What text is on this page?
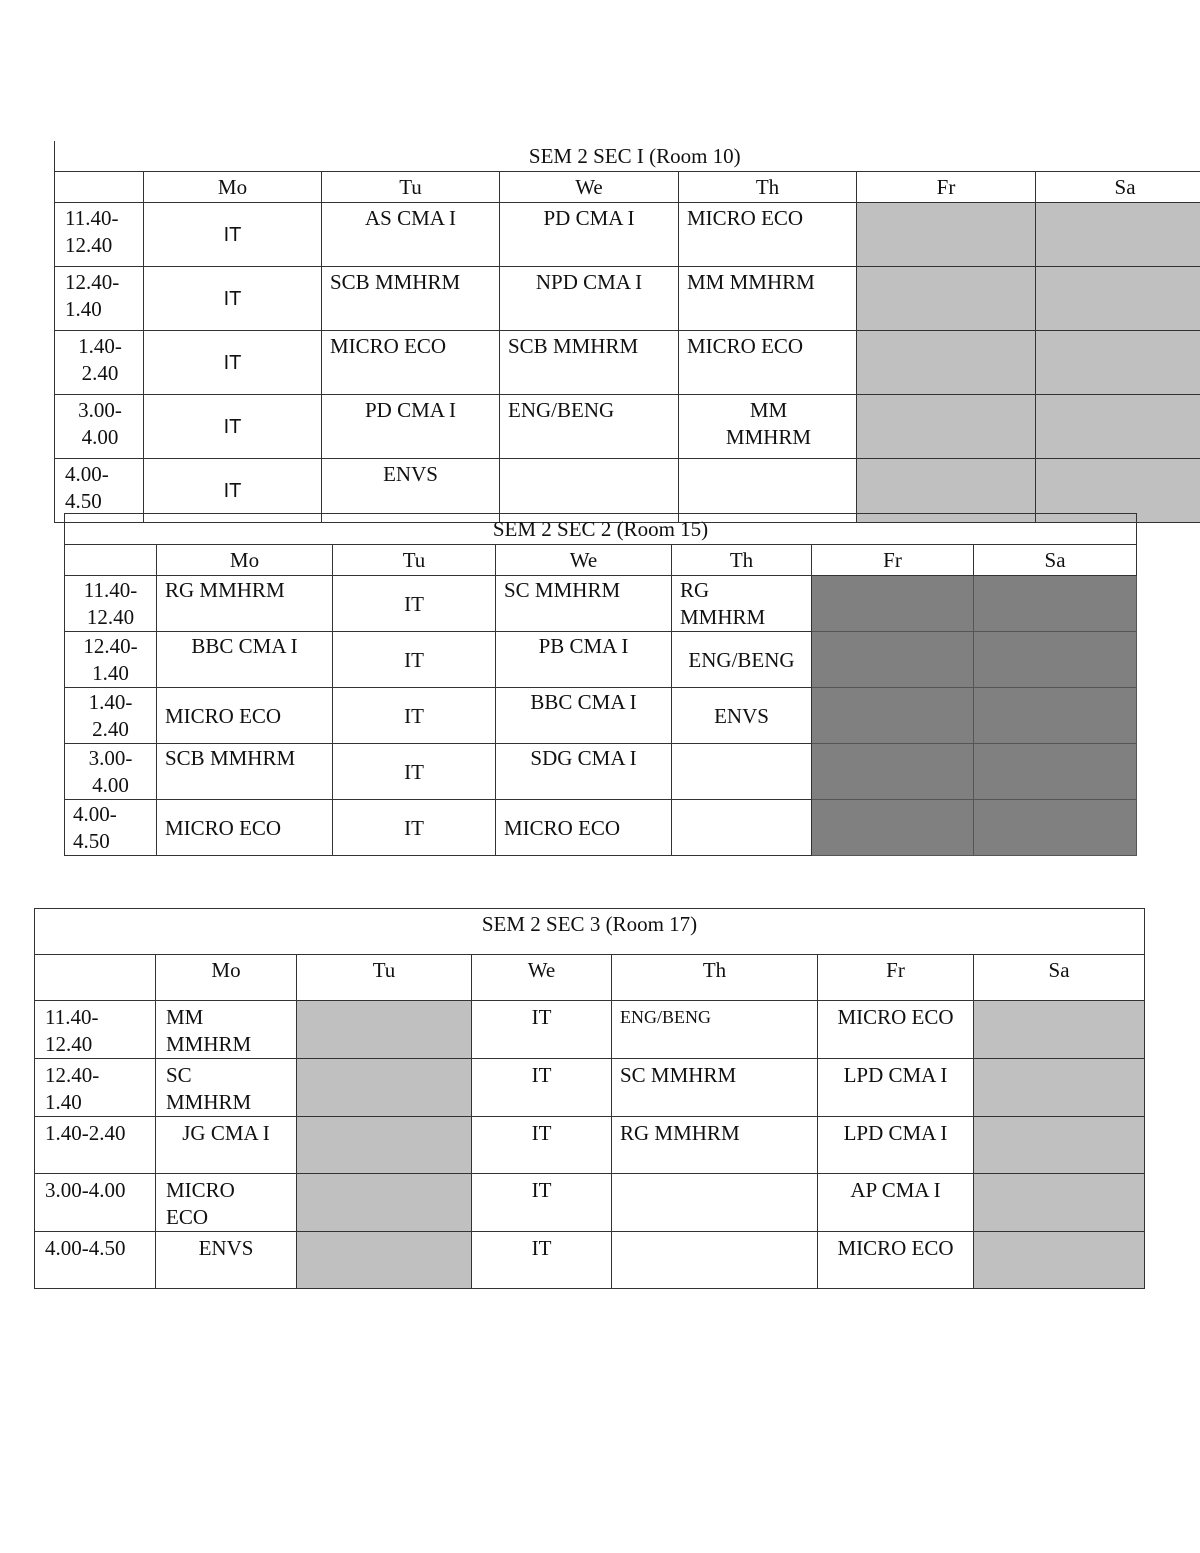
SEM 2 SEC I (Room 10)						
	Mo	Tu	We	Th	Fr	Sa
11.40-
12.40	IT	AS CMA I	PD CMA I	MICRO ECO		
12.40-
1.40	IT	SCB MMHRM	NPD CMA I	MM MMHRM		
1.40-
2.40	IT	MICRO ECO	SCB MMHRM	MICRO ECO		
3.00-
4.00	IT	PD CMA I	ENG/BENG	MM
MMHRM		
4.00-
4.50	IT	ENVS				
SEM 2 SEC 2 (Room 15)						
	Mo	Tu	We	Th	Fr	Sa
11.40-
12.40	RG MMHRM	IT	SC MMHRM	RG
MMHRM		
12.40-
1.40	BBC CMA I	IT	PB CMA I	ENG/BENG		
1.40-
2.40	MICRO ECO	IT	BBC CMA I	ENVS		
3.00-
4.00	SCB MMHRM	IT	SDG CMA I			
4.00-
4.50	MICRO ECO	IT	MICRO ECO			
SEM 2 SEC 3 (Room 17)						
	Mo	Tu	We	Th	Fr	Sa
11.40-
12.40	MM
MMHRM		IT	ENG/BENG	MICRO ECO	
12.40-
1.40	SC
MMHRM		IT	SC MMHRM	LPD CMA I	
1.40-2.40	JG CMA I		IT	RG MMHRM	LPD CMA I	
3.00-4.00	MICRO
ECO		IT		AP CMA I	
4.00-4.50	ENVS		IT		MICRO ECO	
